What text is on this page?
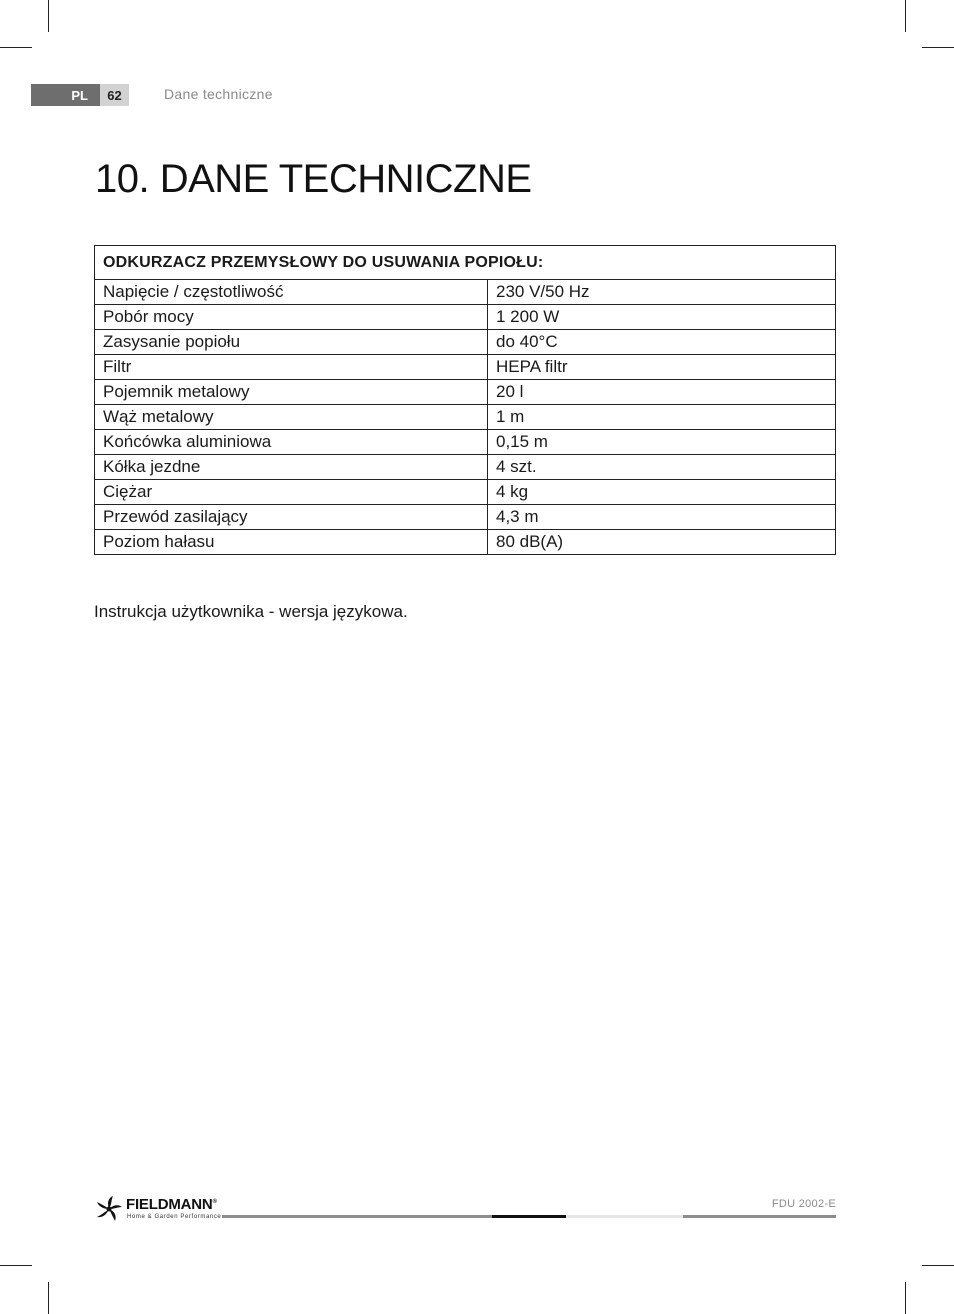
PL	62	Dane techniczne
10. DANE TECHNICZNE
ODKURZACZ PRZEMYSŁOWY DO USUWANIA POPIOŁU:	
Napięcie / częstotliwość	230 V/50 Hz
Pobór mocy	1 200 W
Zasysanie popiołu	do 40°C
Filtr	HEPA filtr
Pojemnik metalowy	20 l
Wąż metalowy	1 m
Końcówka aluminiowa	0,15 m
Kółka jezdne	4 szt.
Ciężar	4 kg
Przewód zasilający	4,3 m
Poziom hałasu	80 dB(A)
Instrukcja użytkownika - wersja językowa.
FIELDMANN®
Home & Garden Performance
FDU 2002-E
